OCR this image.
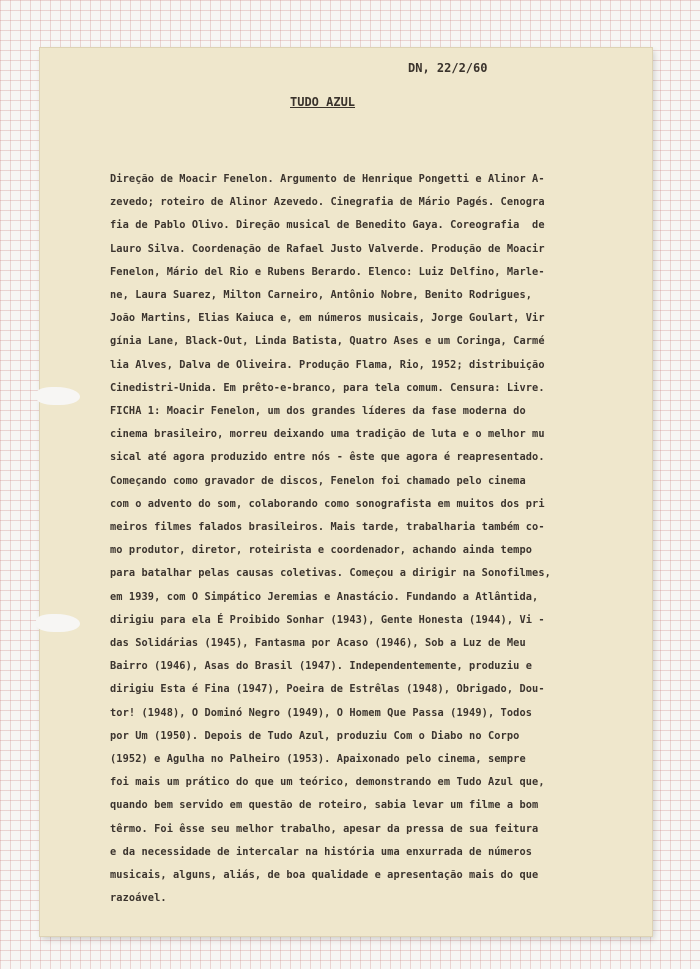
DN, 22/2/60
TUDO AZUL
Direção de Moacir Fenelon. Argumento de Henrique Pongetti e Alinor A-
zevedo; roteiro de Alinor Azevedo. Cinegrafia de Mário Pagés. Cenogra
fia de Pablo Olivo. Direção musical de Benedito Gaya. Coreografia  de
Lauro Silva. Coordenação de Rafael Justo Valverde. Produção de Moacir
Fenelon, Mário del Rio e Rubens Berardo. Elenco: Luiz Delfino, Marle-
ne, Laura Suarez, Milton Carneiro, Antônio Nobre, Benito Rodrigues,
João Martins, Elias Kaiuca e, em números musicais, Jorge Goulart, Vir
gínia Lane, Black-Out, Linda Batista, Quatro Ases e um Coringa, Carmé
lia Alves, Dalva de Oliveira. Produção Flama, Rio, 1952; distribuição
Cinedistri-Unida. Em prêto-e-branco, para tela comum. Censura: Livre.
FICHA 1: Moacir Fenelon, um dos grandes líderes da fase moderna do
cinema brasileiro, morreu deixando uma tradição de luta e o melhor mu
sical até agora produzido entre nós - êste que agora é reapresentado.
Começando como gravador de discos, Fenelon foi chamado pelo cinema
com o advento do som, colaborando como sonografista em muitos dos pri
meiros filmes falados brasileiros. Mais tarde, trabalharia também co-
mo produtor, diretor, roteirista e coordenador, achando ainda tempo
para batalhar pelas causas coletivas. Começou a dirigir na Sonofilmes,
em 1939, com O Simpático Jeremias e Anastácio. Fundando a Atlântida,
dirigiu para ela É Proibido Sonhar (1943), Gente Honesta (1944), Vi -
das Solidárias (1945), Fantasma por Acaso (1946), Sob a Luz de Meu
Bairro (1946), Asas do Brasil (1947). Independentemente, produziu e
dirigiu Esta é Fina (1947), Poeira de Estrêlas (1948), Obrigado, Dou-
tor! (1948), O Dominó Negro (1949), O Homem Que Passa (1949), Todos
por Um (1950). Depois de Tudo Azul, produziu Com o Diabo no Corpo
(1952) e Agulha no Palheiro (1953). Apaixonado pelo cinema, sempre
foi mais um prático do que um teórico, demonstrando em Tudo Azul que,
quando bem servido em questão de roteiro, sabia levar um filme a bom
têrmo. Foi êsse seu melhor trabalho, apesar da pressa de sua feitura
e da necessidade de intercalar na história uma enxurrada de números
musicais, alguns, aliás, de boa qualidade e apresentação mais do que
razoável.
